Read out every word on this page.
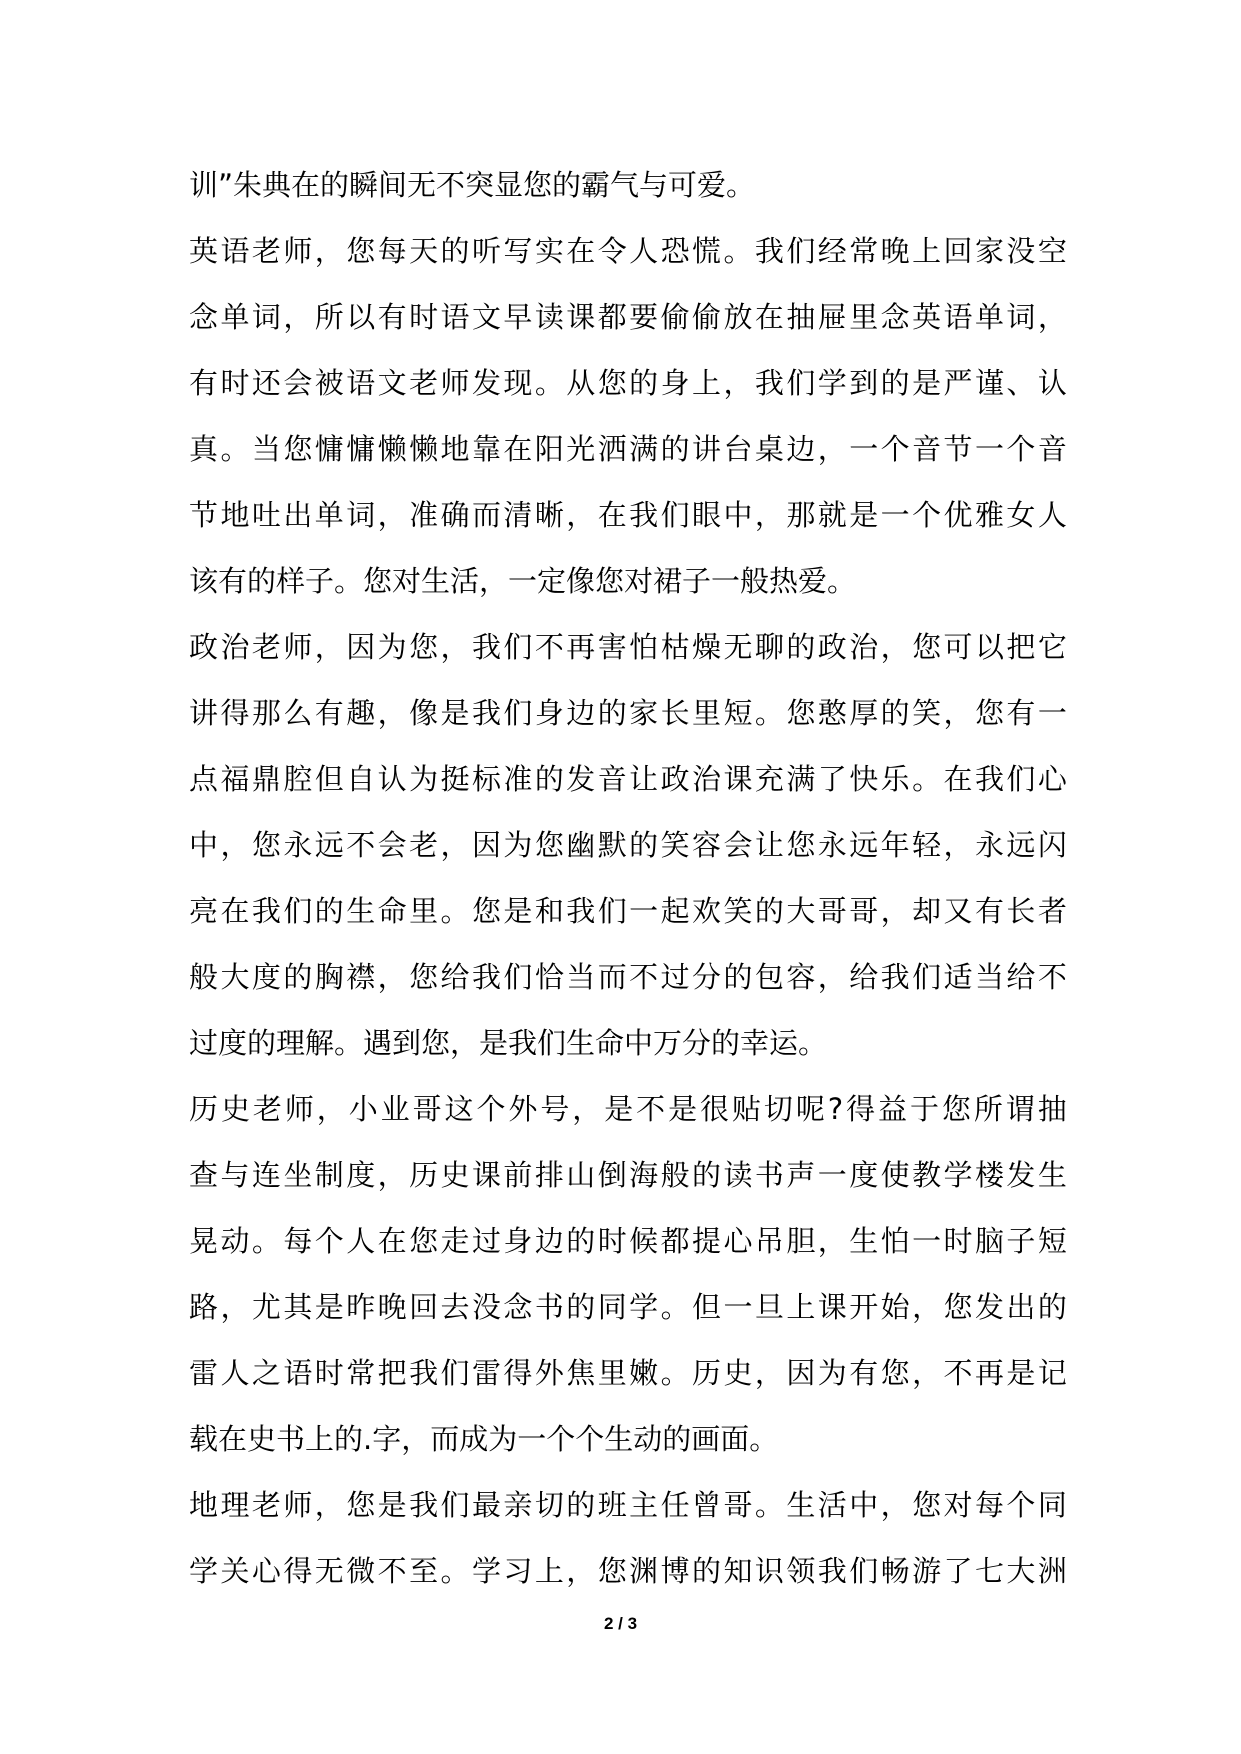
训”朱典在的瞬间无不突显您的霸气与可爱。
英 语 老 师 ， 您 每 天 的 听 写 实 在 令 人 恐 慌 。 我 们 经 常 晚 上 回 家 没 空
念 单 词 ， 所 以 有 时 语 文 早 读 课 都 要 偷 偷 放 在 抽 屉 里 念 英 语 单 词 ，
有 时 还 会 被 语 文 老 师 发 现 。 从 您 的 身 上 ， 我 们 学 到 的 是 严 谨 、 认
真 。 当 您 慵 慵 懒 懒 地 靠 在 阳 光 洒 满 的 讲 台 桌 边 ， 一 个 音 节 一 个 音
节 地 吐 出 单 词 ， 准 确 而 清 晰 ， 在 我 们 眼 中 ， 那 就 是 一 个 优 雅 女 人
该有的样子。您对生活，一定像您对裙子一般热爱。
政 治 老 师 ， 因 为 您 ， 我 们 不 再 害 怕 枯 燥 无 聊 的 政 治 ， 您 可 以 把 它
讲 得 那 么 有 趣 ， 像 是 我 们 身 边 的 家 长 里 短 。 您 憨 厚 的 笑 ， 您 有 一
点 福 鼎 腔 但 自 认 为 挺 标 准 的 发 音 让 政 治 课 充 满 了 快 乐 。 在 我 们 心
中 ， 您 永 远 不 会 老 ， 因 为 您 幽 默 的 笑 容 会 让 您 永 远 年 轻 ， 永 远 闪
亮 在 我 们 的 生 命 里 。 您 是 和 我 们 一 起 欢 笑 的 大 哥 哥 ， 却 又 有 长 者
般 大 度 的 胸 襟 ， 您 给 我 们 恰 当 而 不 过 分 的 包 容 ， 给 我 们 适 当 给 不
过度的理解。遇到您，是我们生命中万分的幸运。
历 史 老 师 ， 小 业 哥 这 个 外 号 ， 是 不 是 很 贴 切 呢 ? 得 益 于 您 所 谓 抽
查 与 连 坐 制 度 ， 历 史 课 前 排 山 倒 海 般 的 读 书 声 一 度 使 教 学 楼 发 生
晃 动 。 每 个 人 在 您 走 过 身 边 的 时 候 都 提 心 吊 胆 ， 生 怕 一 时 脑 子 短
路 ， 尤 其 是 昨 晚 回 去 没 念 书 的 同 学 。 但 一 旦 上 课 开 始 ， 您 发 出 的
雷 人 之 语 时 常 把 我 们 雷 得 外 焦 里 嫩 。 历 史 ， 因 为 有 您 ， 不 再 是 记
载在史书上的.字，而成为一个个生动的画面。
地 理 老 师 ， 您 是 我 们 最 亲 切 的 班 主 任 曾 哥 。 生 活 中 ， 您 对 每 个 同
学 关 心 得 无 微 不 至 。 学 习 上 ， 您 渊 博 的 知 识 领 我 们 畅 游 了 七 大 洲
2 / 3
